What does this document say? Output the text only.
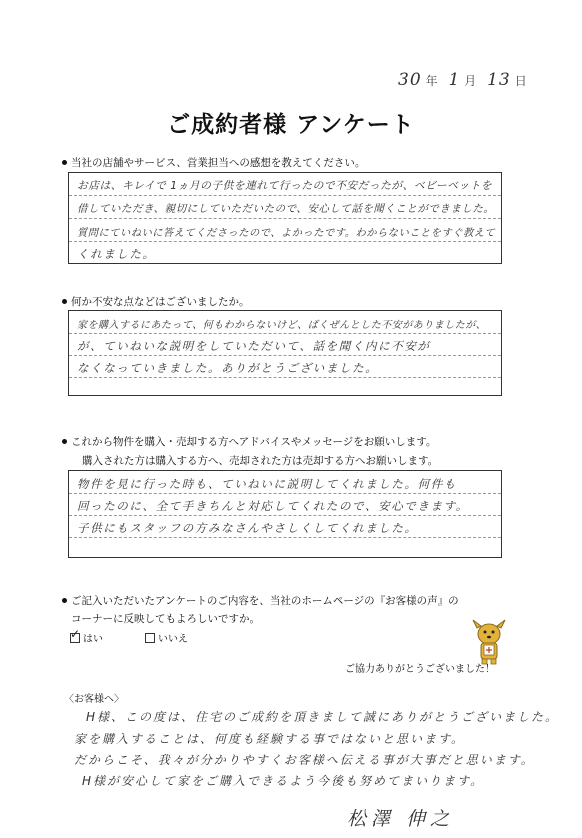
30 年 1 月 13 日
ご成約者様 アンケート
当社の店舗やサービス、営業担当への感想を教えてください。
お店は、キレイで 1ヵ月の子供を連れて行ったので不安だったが、ベビーベットを
借していただき、親切にしていただいたので、安心して話を聞くことができました。
質問にていねいに答えてくださったので、よかったです。わからないことをすぐ教えて
くれました。
何か不安な点などはございましたか。
家を購入するにあたって、何もわからないけど、ばくぜんとした不安がありましたが、
が、ていねいな説明をしていただいて、話を聞く内に不安が
なくなっていきました。ありがとうございました。
これから物件を購入・売却する方へアドバイスやメッセージをお願いします。
購入された方は購入する方へ、売却された方は売却する方へお願いします。
物件を見に行った時も、ていねいに説明してくれました。何件も
回ったのに、全て手きちんと対応してくれたので、安心できます。
子供にもスタッフの方みなさんやさしくしてくれました。
ご記入いただいたアンケートのご内容を、当社のホームページの『お客様の声』の
コーナーに反映してもよろしいですか。
✓はい	いいえ
ご協力ありがとうございました！
〈お客様へ〉
H様、この度は、住宅のご成約を頂きまして誠にありがとうございました。
家を購入することは、何度も経験する事ではないと思います。
だからこそ、我々が分かりやすくお客様へ伝える事が大事だと思います。
H様が安心して家をご購入できるよう今後も努めてまいります。
松澤 伸之
